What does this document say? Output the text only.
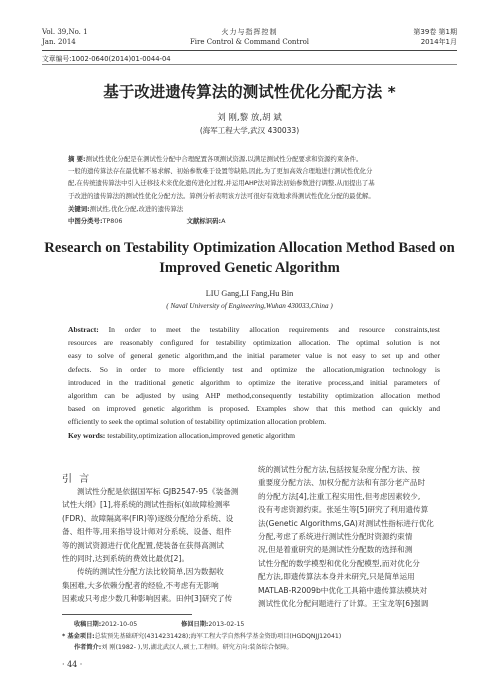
Vol. 39,No. 1
Jan. 2014
火力与指挥控制
Fire Control & Command Control
第39卷 第1期
2014年1月
文章编号:1002-0640(2014)01-0044-04
基于改进遗传算法的测试性优化分配方法 *
刘 刚,黎 放,胡 斌
(海军工程大学,武汉 430033)
摘 要:测试性优化分配是在测试性分配中合理配置各项测试资源,以满足测试性分配要求和资源约束条件。
一般的遗传算法存在最优解不易求解、初始参数难于设置等缺陷,因此,为了更加高效合理地进行测试性优化分
配,在传统遗传算法中引入迁移技术来优化遗传进化过程,并运用AHP法对算法初始参数进行调整,从而提出了基
于改进的遗传算法的测试性优化分配方法。算例分析表明该方法可很好有效地求得测试性优化分配的最优解。
关键词:测试性,优化分配,改进的遗传算法
中图分类号:TP806	文献标识码:A
Research on Testability Optimization Allocation Method Based on
Improved Genetic Algorithm
LIU Gang,LI Fang,Hu Bin
( Naval University of Engineering,Wuhan 430033,China )
Abstract: In order to meet the testability allocation requirements and resource constraints,test
resources are reasonably configured for testability optimization allocation. The optimal solution is not
easy to solve of general genetic algorithm,and the initial parameter value is not easy to set up and other
defects. So in order to more efficiently test and optimize the allocation,migration technology is
introduced in the traditional genetic algorithm to optimize the iterative process,and initial parameters of
algorithm can be adjusted by using AHP method,consequently testability optimization allocation method
based on improved genetic algorithm is proposed. Examples show that this method can quickly and
efficiently to seek the optimal solution of testability optimization allocation problem.
Key words: testability,optimization allocation,improved genetic algorithm
引 言
测试性分配是依据国军标 GJB2547-95《装备测
试性大纲》[1],将系统的测试性指标(如故障检测率
(FDR)、故障隔离率(FIR)等)逐级分配给分系统、设
备、组件等,用来指导设计师对分系统、设备、组件
等的测试资源进行优化配置,使装备在获得高测试
性的同时,达到系统的费效比最优[2]。
传统的测试性分配方法比较简单,因为数据收
集困难,大多依赖分配者的经验,不考虑有无影响
因素或只考虑少数几种影响因素。田仲[3]研究了传
统的测试性分配方法,包括按复杂度分配方法、按
重要度分配方法、加权分配方法和有部分老产品时
的分配方法[4],注重工程实用性,但考虑因素较少,
没有考虑资源约束。张延生等[5]研究了利用遗传算
法(Genetic Algorithms,GA)对测试性指标进行优化
分配,考虑了系统进行测试性分配时资源约束情
况,但是着重研究的是测试性分配数的选择和测
试性分配的数学模型和优化分配模型,而对优化分
配方法,即遗传算法本身并未研究,只是简单运用
MATLAB-R2009b中优化工具箱中遗传算法模块对
测试性优化分配问题进行了计算。王宝龙等[6]强调
收稿日期:2012-10-05	修回日期:2013-02-15
* 基金项目:总装预先基础研究(4314231428);海军工程大学自然科学基金资助项目(HGDQNJJ12041)
作者简介:刘 刚(1982- ),男,湖北武汉人,硕士,工程师。研究方向:装备综合保障。
· 44 ·
